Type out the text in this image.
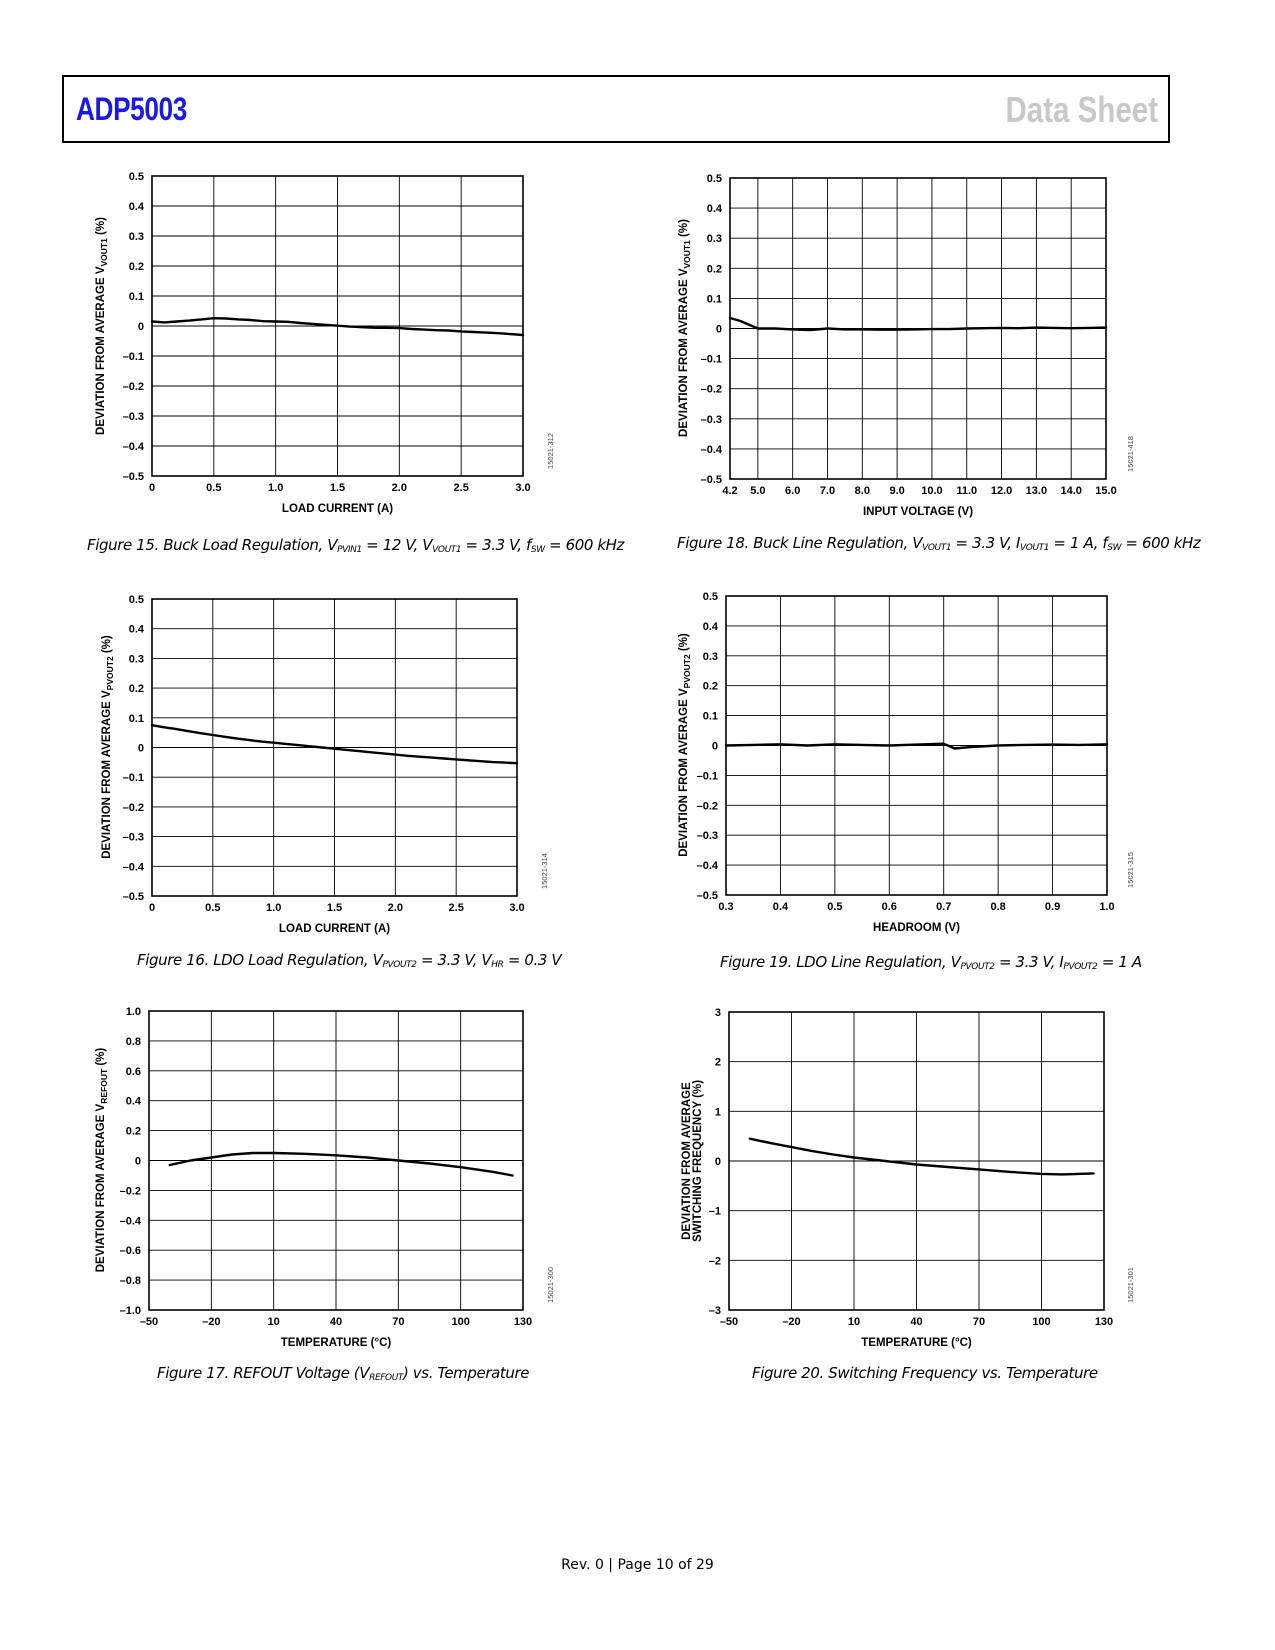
ADP5003	Data Sheet
–0.5
–0.4
–0.3
–0.2
–0.1
0
0.1
0.2
0.3
0.4
0.5
0	0.5	1.0	1.5	2.0	2.5	3.0
LOAD CURRENT (A)
DEVIATION FROM AVERAGE $V_{VOUT1}$ (%)
15021-312
–0.5
–0.4
–0.3
–0.2
–0.1
0
0.1
0.2
0.3
0.4
0.5
0	0.5	1.0	1.5	2.0	2.5	3.0
LOAD CURRENT (A)
DEVIATION FROM AVERAGE $V_{PVOUT2}$ (%)
15021-314
–1.0
–0.8
–0.6
–0.4
–0.2
0
0.2
0.4
0.6
0.8
1.0
–50	–20	10	40	70	100	130
TEMPERATURE (°C)
DEVIATION FROM AVERAGE $V_{REFOUT}$ (%)
15021-300
–0.5
–0.4
–0.3
–0.2
–0.1
0
0.1
0.2
0.3
0.4
0.5
4.2 5.0 6.0 7.0 8.0 9.0 10.0 11.0 12.0 13.0 14.0 15.0
INPUT VOLTAGE (V)
DEVIATION FROM AVERAGE $V_{VOUT1}$ (%)
15021-418
–0.5
–0.4
–0.3
–0.2
–0.1
0
0.1
0.2
0.3
0.4
0.5
0.3	0.4	0.5	0.6	0.7	0.8	0.9	1.0
HEADROOM (V)
DEVIATION FROM AVERAGE $V_{PVOUT2}$ (%)
15021-315
–3
–2
–1
0
1
2
3
–50	–20	10	40	70	100	130
TEMPERATURE (°C)
DEVIATION FROM AVERAGE SWITCHING FREQUENCY (%)
15021-301
Figure 15. Buck Load Regulation, $V_{PVIN1} = 12$ V, $V_{VOUT1} = 3.3$ V, $f_{SW} = 600$ kHz
Figure 16. LDO Load Regulation, $V_{PVOUT2} = 3.3$ V, $V_{HR} = 0.3$ V
Figure 17. REFOUT Voltage $(V_{REFOUT})$ vs. Temperature
Figure 18. Buck Line Regulation, $V_{VOUT1} = 3.3$ V, $I_{VOUT1} = 1$ A, $f_{SW} = 600$ kHz
Figure 19. LDO Line Regulation, $V_{PVOUT2} = 3.3$ V, $I_{PVOUT2} = 1$ A
Figure 20. Switching Frequency vs. Temperature
Rev. 0 | Page 10 of 29
